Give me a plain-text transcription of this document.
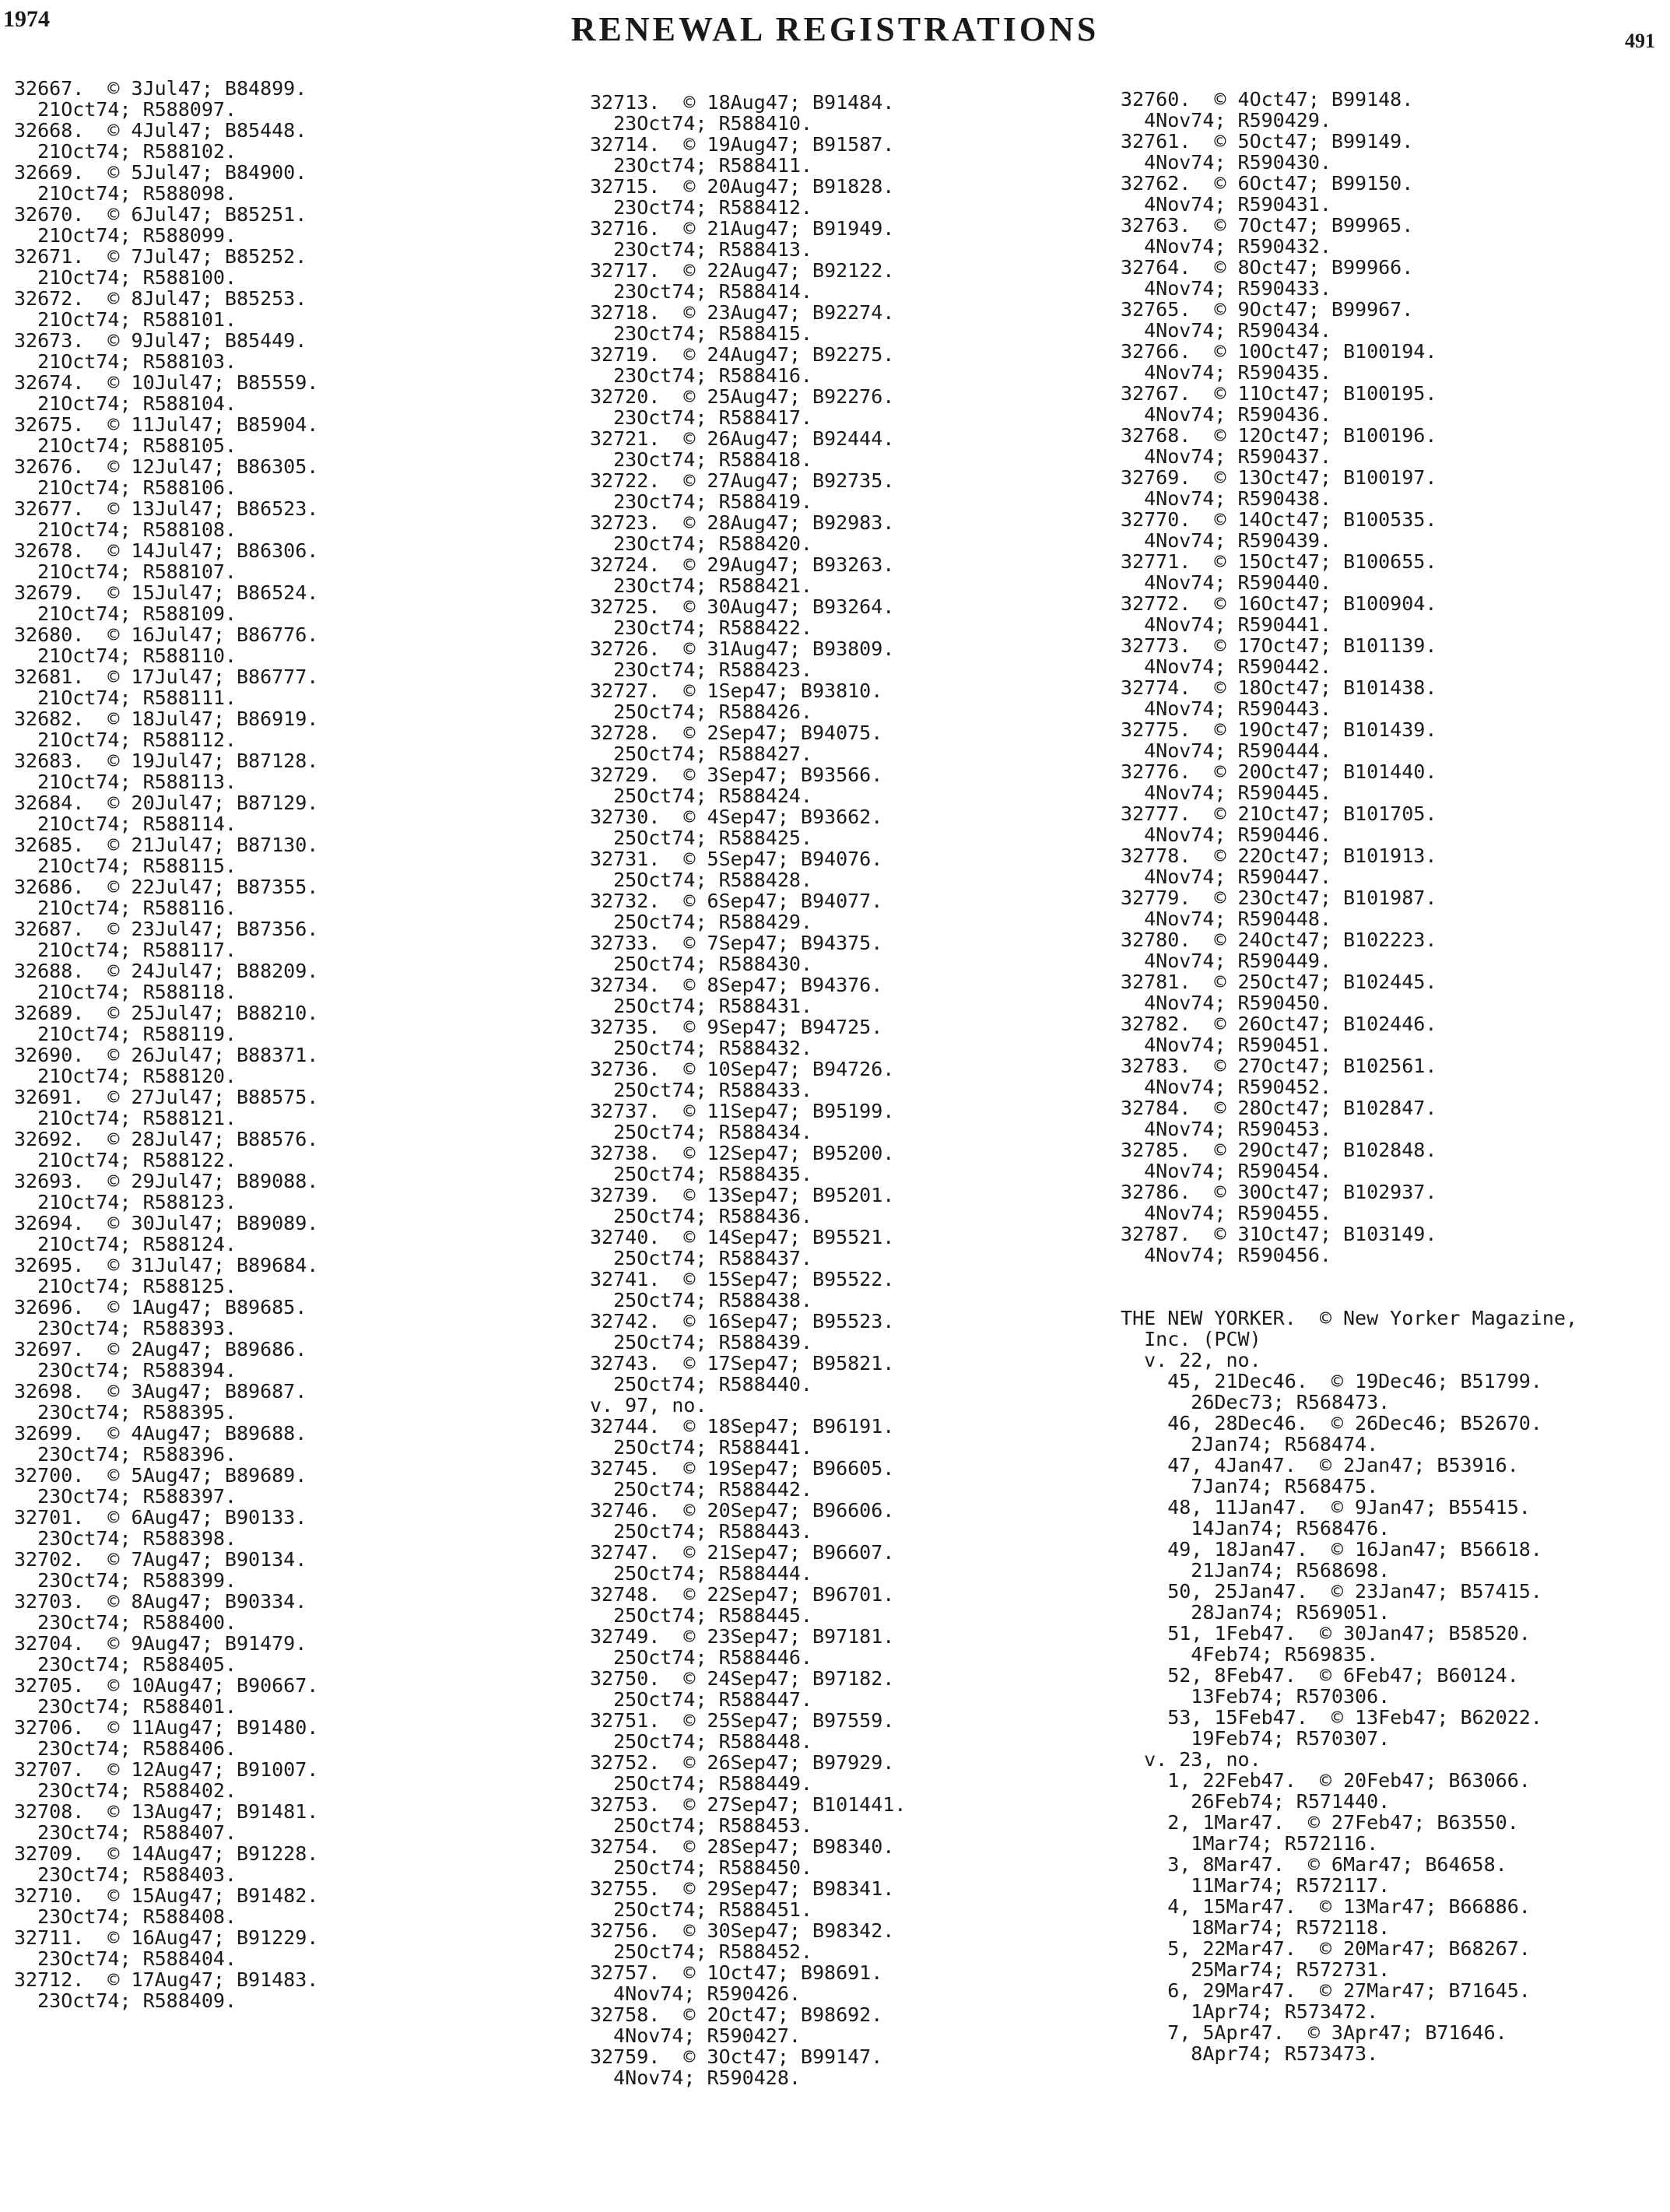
1974	RENEWAL REGISTRATIONS	491
32667.  © 3Jul47; B84899.
21Oct74; R588097.
32668.  © 4Jul47; B85448.
21Oct74; R588102.
32669.  © 5Jul47; B84900.
21Oct74; R588098.
32670.  © 6Jul47; B85251.
21Oct74; R588099.
32671.  © 7Jul47; B85252.
21Oct74; R588100.
32672.  © 8Jul47; B85253.
21Oct74; R588101.
32673.  © 9Jul47; B85449.
21Oct74; R588103.
32674.  © 10Jul47; B85559.
21Oct74; R588104.
32675.  © 11Jul47; B85904.
21Oct74; R588105.
32676.  © 12Jul47; B86305.
21Oct74; R588106.
32677.  © 13Jul47; B86523.
21Oct74; R588108.
32678.  © 14Jul47; B86306.
21Oct74; R588107.
32679.  © 15Jul47; B86524.
21Oct74; R588109.
32680.  © 16Jul47; B86776.
21Oct74; R588110.
32681.  © 17Jul47; B86777.
21Oct74; R588111.
32682.  © 18Jul47; B86919.
21Oct74; R588112.
32683.  © 19Jul47; B87128.
21Oct74; R588113.
32684.  © 20Jul47; B87129.
21Oct74; R588114.
32685.  © 21Jul47; B87130.
21Oct74; R588115.
32686.  © 22Jul47; B87355.
21Oct74; R588116.
32687.  © 23Jul47; B87356.
21Oct74; R588117.
32688.  © 24Jul47; B88209.
21Oct74; R588118.
32689.  © 25Jul47; B88210.
21Oct74; R588119.
32690.  © 26Jul47; B88371.
21Oct74; R588120.
32691.  © 27Jul47; B88575.
21Oct74; R588121.
32692.  © 28Jul47; B88576.
21Oct74; R588122.
32693.  © 29Jul47; B89088.
21Oct74; R588123.
32694.  © 30Jul47; B89089.
21Oct74; R588124.
32695.  © 31Jul47; B89684.
21Oct74; R588125.
32696.  © 1Aug47; B89685.
23Oct74; R588393.
32697.  © 2Aug47; B89686.
23Oct74; R588394.
32698.  © 3Aug47; B89687.
23Oct74; R588395.
32699.  © 4Aug47; B89688.
23Oct74; R588396.
32700.  © 5Aug47; B89689.
23Oct74; R588397.
32701.  © 6Aug47; B90133.
23Oct74; R588398.
32702.  © 7Aug47; B90134.
23Oct74; R588399.
32703.  © 8Aug47; B90334.
23Oct74; R588400.
32704.  © 9Aug47; B91479.
23Oct74; R588405.
32705.  © 10Aug47; B90667.
23Oct74; R588401.
32706.  © 11Aug47; B91480.
23Oct74; R588406.
32707.  © 12Aug47; B91007.
23Oct74; R588402.
32708.  © 13Aug47; B91481.
23Oct74; R588407.
32709.  © 14Aug47; B91228.
23Oct74; R588403.
32710.  © 15Aug47; B91482.
23Oct74; R588408.
32711.  © 16Aug47; B91229.
23Oct74; R588404.
32712.  © 17Aug47; B91483.
23Oct74; R588409.
32713.  © 18Aug47; B91484.
23Oct74; R588410.
32714.  © 19Aug47; B91587.
23Oct74; R588411.
32715.  © 20Aug47; B91828.
23Oct74; R588412.
32716.  © 21Aug47; B91949.
23Oct74; R588413.
32717.  © 22Aug47; B92122.
23Oct74; R588414.
32718.  © 23Aug47; B92274.
23Oct74; R588415.
32719.  © 24Aug47; B92275.
23Oct74; R588416.
32720.  © 25Aug47; B92276.
23Oct74; R588417.
32721.  © 26Aug47; B92444.
23Oct74; R588418.
32722.  © 27Aug47; B92735.
23Oct74; R588419.
32723.  © 28Aug47; B92983.
23Oct74; R588420.
32724.  © 29Aug47; B93263.
23Oct74; R588421.
32725.  © 30Aug47; B93264.
23Oct74; R588422.
32726.  © 31Aug47; B93809.
23Oct74; R588423.
32727.  © 1Sep47; B93810.
25Oct74; R588426.
32728.  © 2Sep47; B94075.
25Oct74; R588427.
32729.  © 3Sep47; B93566.
25Oct74; R588424.
32730.  © 4Sep47; B93662.
25Oct74; R588425.
32731.  © 5Sep47; B94076.
25Oct74; R588428.
32732.  © 6Sep47; B94077.
25Oct74; R588429.
32733.  © 7Sep47; B94375.
25Oct74; R588430.
32734.  © 8Sep47; B94376.
25Oct74; R588431.
32735.  © 9Sep47; B94725.
25Oct74; R588432.
32736.  © 10Sep47; B94726.
25Oct74; R588433.
32737.  © 11Sep47; B95199.
25Oct74; R588434.
32738.  © 12Sep47; B95200.
25Oct74; R588435.
32739.  © 13Sep47; B95201.
25Oct74; R588436.
32740.  © 14Sep47; B95521.
25Oct74; R588437.
32741.  © 15Sep47; B95522.
25Oct74; R588438.
32742.  © 16Sep47; B95523.
25Oct74; R588439.
32743.  © 17Sep47; B95821.
25Oct74; R588440.
v. 97, no.
32744.  © 18Sep47; B96191.
25Oct74; R588441.
32745.  © 19Sep47; B96605.
25Oct74; R588442.
32746.  © 20Sep47; B96606.
25Oct74; R588443.
32747.  © 21Sep47; B96607.
25Oct74; R588444.
32748.  © 22Sep47; B96701.
25Oct74; R588445.
32749.  © 23Sep47; B97181.
25Oct74; R588446.
32750.  © 24Sep47; B97182.
25Oct74; R588447.
32751.  © 25Sep47; B97559.
25Oct74; R588448.
32752.  © 26Sep47; B97929.
25Oct74; R588449.
32753.  © 27Sep47; B101441.
25Oct74; R588453.
32754.  © 28Sep47; B98340.
25Oct74; R588450.
32755.  © 29Sep47; B98341.
25Oct74; R588451.
32756.  © 30Sep47; B98342.
25Oct74; R588452.
32757.  © 1Oct47; B98691.
4Nov74; R590426.
32758.  © 2Oct47; B98692.
4Nov74; R590427.
32759.  © 3Oct47; B99147.
4Nov74; R590428.
32760.  © 4Oct47; B99148.
4Nov74; R590429.
32761.  © 5Oct47; B99149.
4Nov74; R590430.
32762.  © 6Oct47; B99150.
4Nov74; R590431.
32763.  © 7Oct47; B99965.
4Nov74; R590432.
32764.  © 8Oct47; B99966.
4Nov74; R590433.
32765.  © 9Oct47; B99967.
4Nov74; R590434.
32766.  © 10Oct47; B100194.
4Nov74; R590435.
32767.  © 11Oct47; B100195.
4Nov74; R590436.
32768.  © 12Oct47; B100196.
4Nov74; R590437.
32769.  © 13Oct47; B100197.
4Nov74; R590438.
32770.  © 14Oct47; B100535.
4Nov74; R590439.
32771.  © 15Oct47; B100655.
4Nov74; R590440.
32772.  © 16Oct47; B100904.
4Nov74; R590441.
32773.  © 17Oct47; B101139.
4Nov74; R590442.
32774.  © 18Oct47; B101438.
4Nov74; R590443.
32775.  © 19Oct47; B101439.
4Nov74; R590444.
32776.  © 20Oct47; B101440.
4Nov74; R590445.
32777.  © 21Oct47; B101705.
4Nov74; R590446.
32778.  © 22Oct47; B101913.
4Nov74; R590447.
32779.  © 23Oct47; B101987.
4Nov74; R590448.
32780.  © 24Oct47; B102223.
4Nov74; R590449.
32781.  © 25Oct47; B102445.
4Nov74; R590450.
32782.  © 26Oct47; B102446.
4Nov74; R590451.
32783.  © 27Oct47; B102561.
4Nov74; R590452.
32784.  © 28Oct47; B102847.
4Nov74; R590453.
32785.  © 29Oct47; B102848.
4Nov74; R590454.
32786.  © 30Oct47; B102937.
4Nov74; R590455.
32787.  © 31Oct47; B103149.
4Nov74; R590456.
THE NEW YORKER.  © New Yorker Magazine,
Inc. (PCW)
v. 22, no.
45, 21Dec46.  © 19Dec46; B51799.
26Dec73; R568473.
46, 28Dec46.  © 26Dec46; B52670.
2Jan74; R568474.
47, 4Jan47.  © 2Jan47; B53916.
7Jan74; R568475.
48, 11Jan47.  © 9Jan47; B55415.
14Jan74; R568476.
49, 18Jan47.  © 16Jan47; B56618.
21Jan74; R568698.
50, 25Jan47.  © 23Jan47; B57415.
28Jan74; R569051.
51, 1Feb47.  © 30Jan47; B58520.
4Feb74; R569835.
52, 8Feb47.  © 6Feb47; B60124.
13Feb74; R570306.
53, 15Feb47.  © 13Feb47; B62022.
19Feb74; R570307.
v. 23, no.
1, 22Feb47.  © 20Feb47; B63066.
26Feb74; R571440.
2, 1Mar47.  © 27Feb47; B63550.
1Mar74; R572116.
3, 8Mar47.  © 6Mar47; B64658.
11Mar74; R572117.
4, 15Mar47.  © 13Mar47; B66886.
18Mar74; R572118.
5, 22Mar47.  © 20Mar47; B68267.
25Mar74; R572731.
6, 29Mar47.  © 27Mar47; B71645.
1Apr74; R573472.
7, 5Apr47.  © 3Apr47; B71646.
8Apr74; R573473.
